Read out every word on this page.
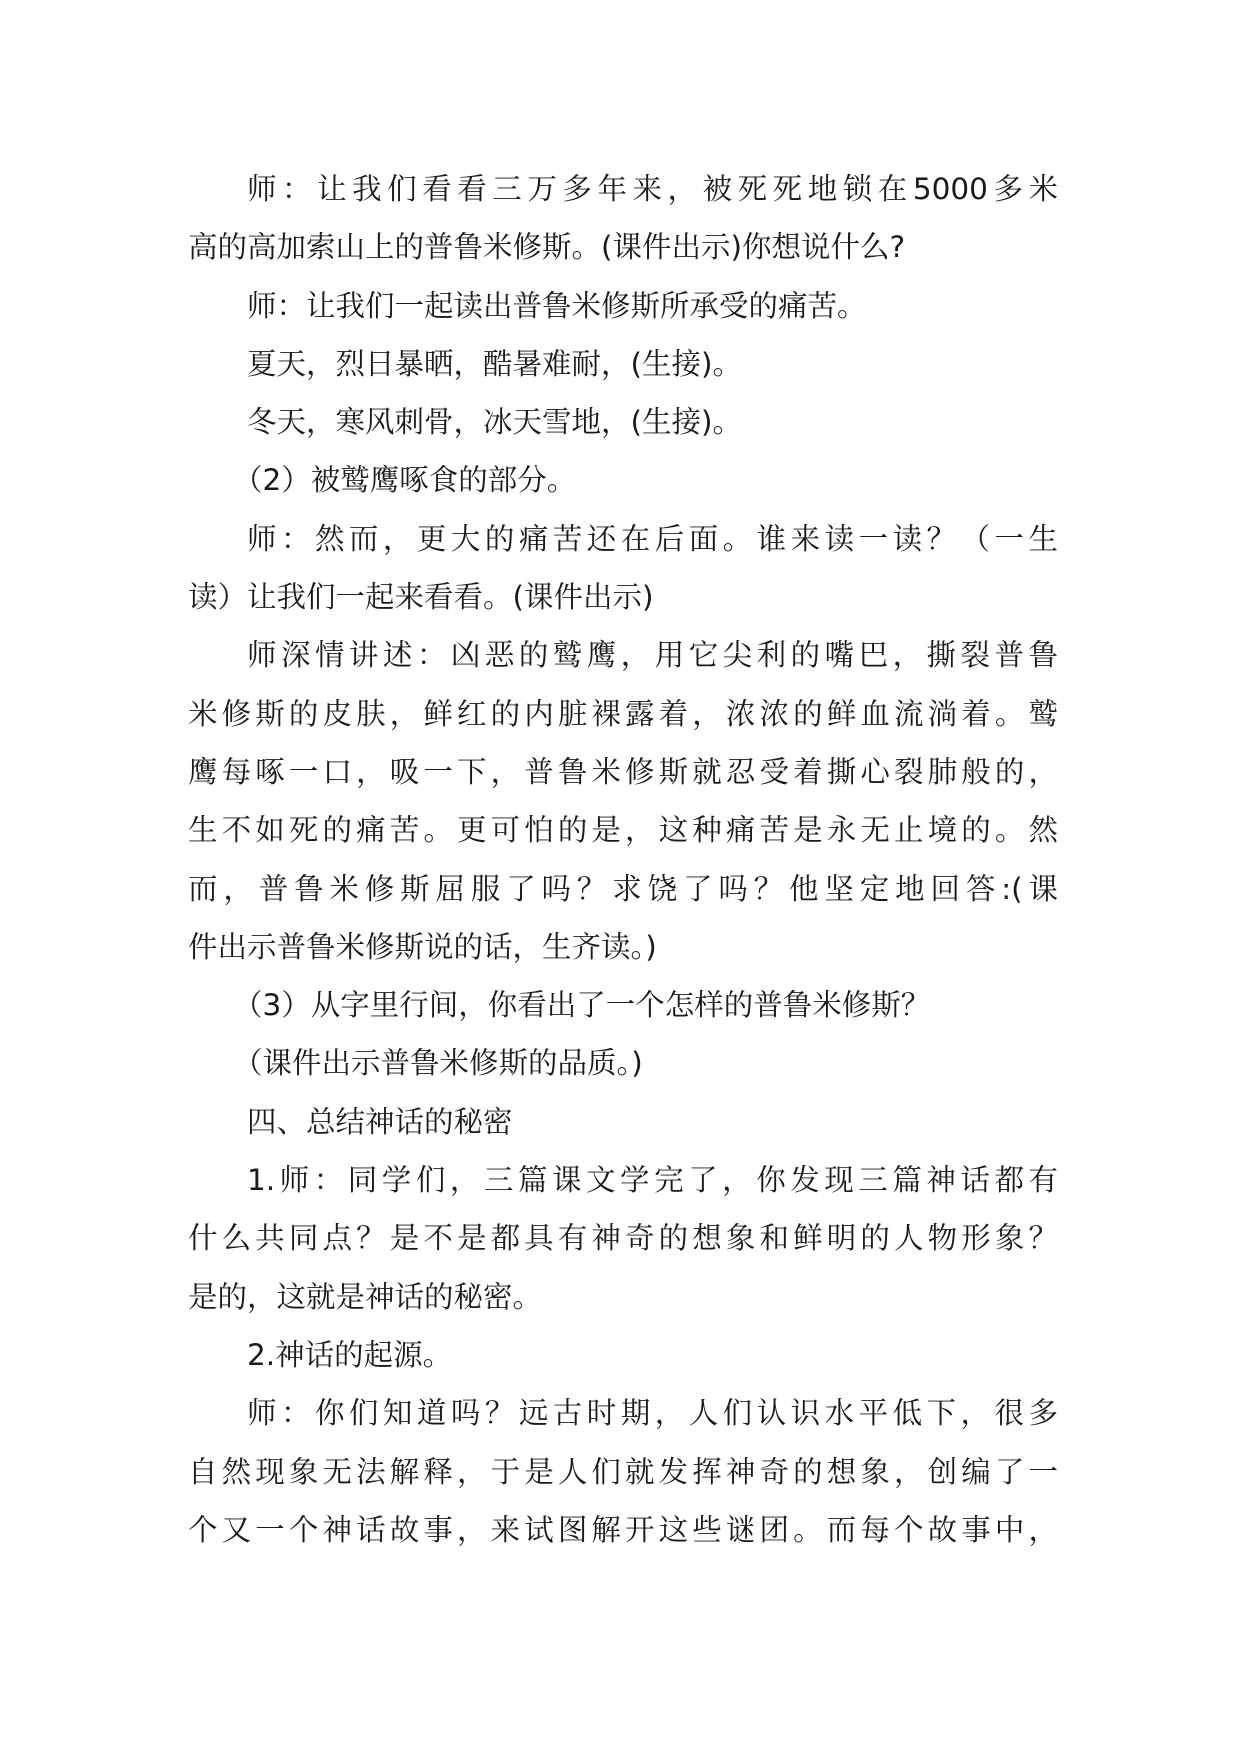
师：让我们看看三万多年来，被死死地锁在5000多米
高的高加索山上的普鲁米修斯。(课件出示)你想说什么?
师：让我们一起读出普鲁米修斯所承受的痛苦。
夏天，烈日暴晒，酷暑难耐，(生接)。
冬天，寒风刺骨，冰天雪地，(生接)。
（2）被鹫鹰啄食的部分。
师：然而，更大的痛苦还在后面。谁来读一读？（一生
读）让我们一起来看看。(课件出示)
师深情讲述：凶恶的鹫鹰，用它尖利的嘴巴，撕裂普鲁
米修斯的皮肤，鲜红的内脏裸露着，浓浓的鲜血流淌着。鹫
鹰每啄一口，吸一下，普鲁米修斯就忍受着撕心裂肺般的，
生不如死的痛苦。更可怕的是，这种痛苦是永无止境的。然
而，普鲁米修斯屈服了吗？求饶了吗？他坚定地回答:(课
件出示普鲁米修斯说的话，生齐读。)
（3）从字里行间，你看出了一个怎样的普鲁米修斯？
（课件出示普鲁米修斯的品质。)
四、总结神话的秘密
1.师：同学们，三篇课文学完了，你发现三篇神话都有
什么共同点？是不是都具有神奇的想象和鲜明的人物形象？
是的，这就是神话的秘密。
2.神话的起源。
师：你们知道吗？远古时期，人们认识水平低下，很多
自然现象无法解释，于是人们就发挥神奇的想象，创编了一
个又一个神话故事，来试图解开这些谜团。而每个故事中，
